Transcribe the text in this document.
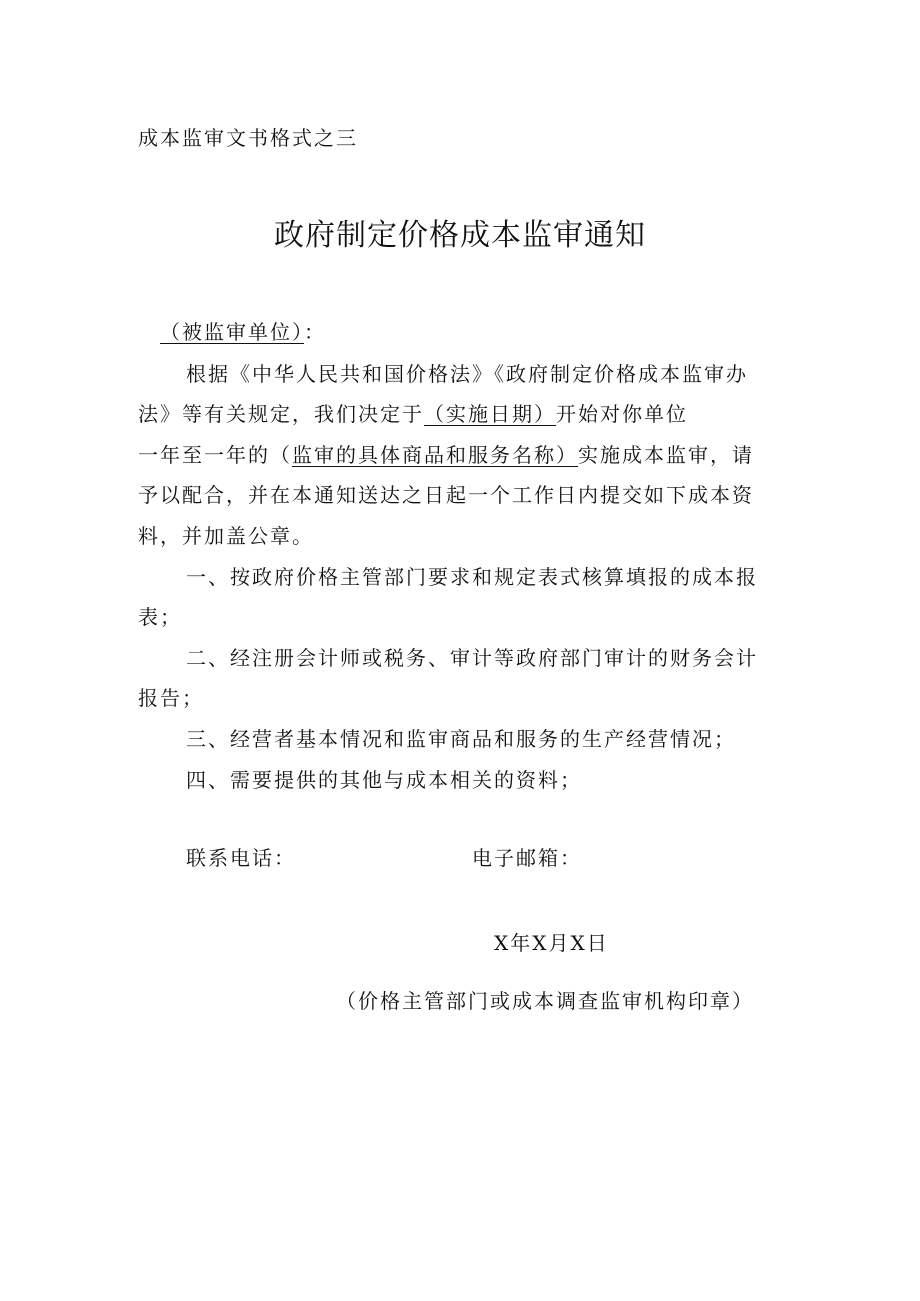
成本监审文书格式之三
政府制定价格成本监审通知
（被监审单位）：
根据《中华人民共和国价格法》《政府制定价格成本监审办
法》等有关规定，我们决定于（实施日期）开始对你单位
一年至一年的（监审的具体商品和服务名称）实施成本监审，请
予以配合，并在本通知送达之日起一个工作日内提交如下成本资
料，并加盖公章。
一、按政府价格主管部门要求和规定表式核算填报的成本报
表；
二、经注册会计师或税务、审计等政府部门审计的财务会计
报告；
三、经营者基本情况和监审商品和服务的生产经营情况；
四、需要提供的其他与成本相关的资料；
联系电话：	电子邮箱：
X年X月X日
（价格主管部门或成本调查监审机构印章）
